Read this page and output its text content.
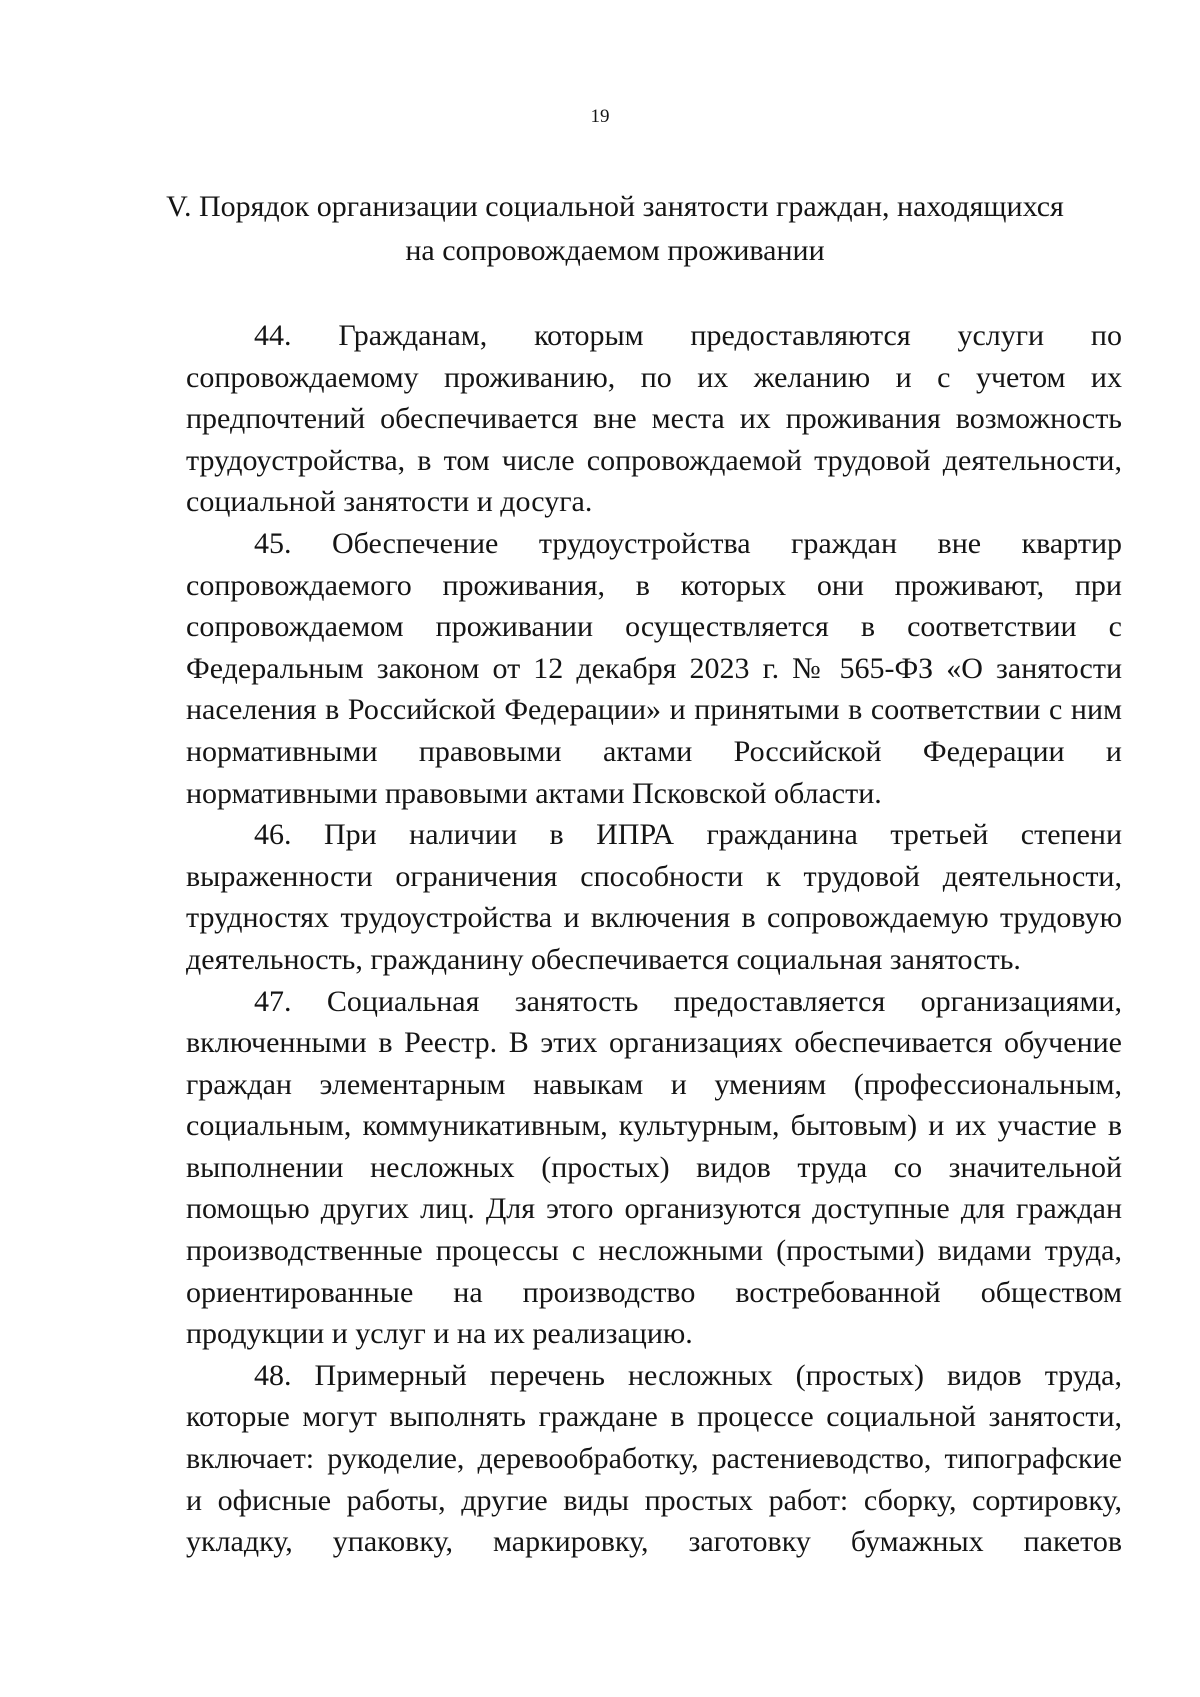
19
V. Порядок организации социальной занятости граждан, находящихся
на сопровождаемом проживании

44. Гражданам, которым предоставляются услуги по сопровождаемому проживанию, по их желанию и с учетом их предпочтений обеспечивается вне места их проживания возможность трудоустройства, в том числе сопровождаемой трудовой деятельности, социальной занятости и досуга.

45. Обеспечение трудоустройства граждан вне квартир сопровождаемого проживания, в которых они проживают, при сопровождаемом проживании осуществляется в соответствии с Федеральным законом от 12 декабря 2023 г. № 565-ФЗ «О занятости населения в Российской Федерации» и принятыми в соответствии с ним нормативными правовыми актами Российской Федерации и нормативными правовыми актами Псковской области.

46. При наличии в ИПРА гражданина третьей степени выраженности ограничения способности к трудовой деятельности, трудностях трудоустройства и включения в сопровождаемую трудовую деятельность, гражданину обеспечивается социальная занятость.

47. Социальная занятость предоставляется организациями, включенными в Реестр. В этих организациях обеспечивается обучение граждан элементарным навыкам и умениям (профессиональным, социальным, коммуникативным, культурным, бытовым) и их участие в выполнении несложных (простых) видов труда со значительной помощью других лиц. Для этого организуются доступные для граждан производственные процессы с несложными (простыми) видами труда, ориентированные на производство востребованной обществом продукции и услуг и на их реализацию.

48. Примерный перечень несложных (простых) видов труда, которые могут выполнять граждане в процессе социальной занятости, включает: рукоделие, деревообработку, растениеводство, типографские и офисные работы, другие виды простых работ: сборку, сортировку, укладку, упаковку, маркировку, заготовку бумажных пакетов
